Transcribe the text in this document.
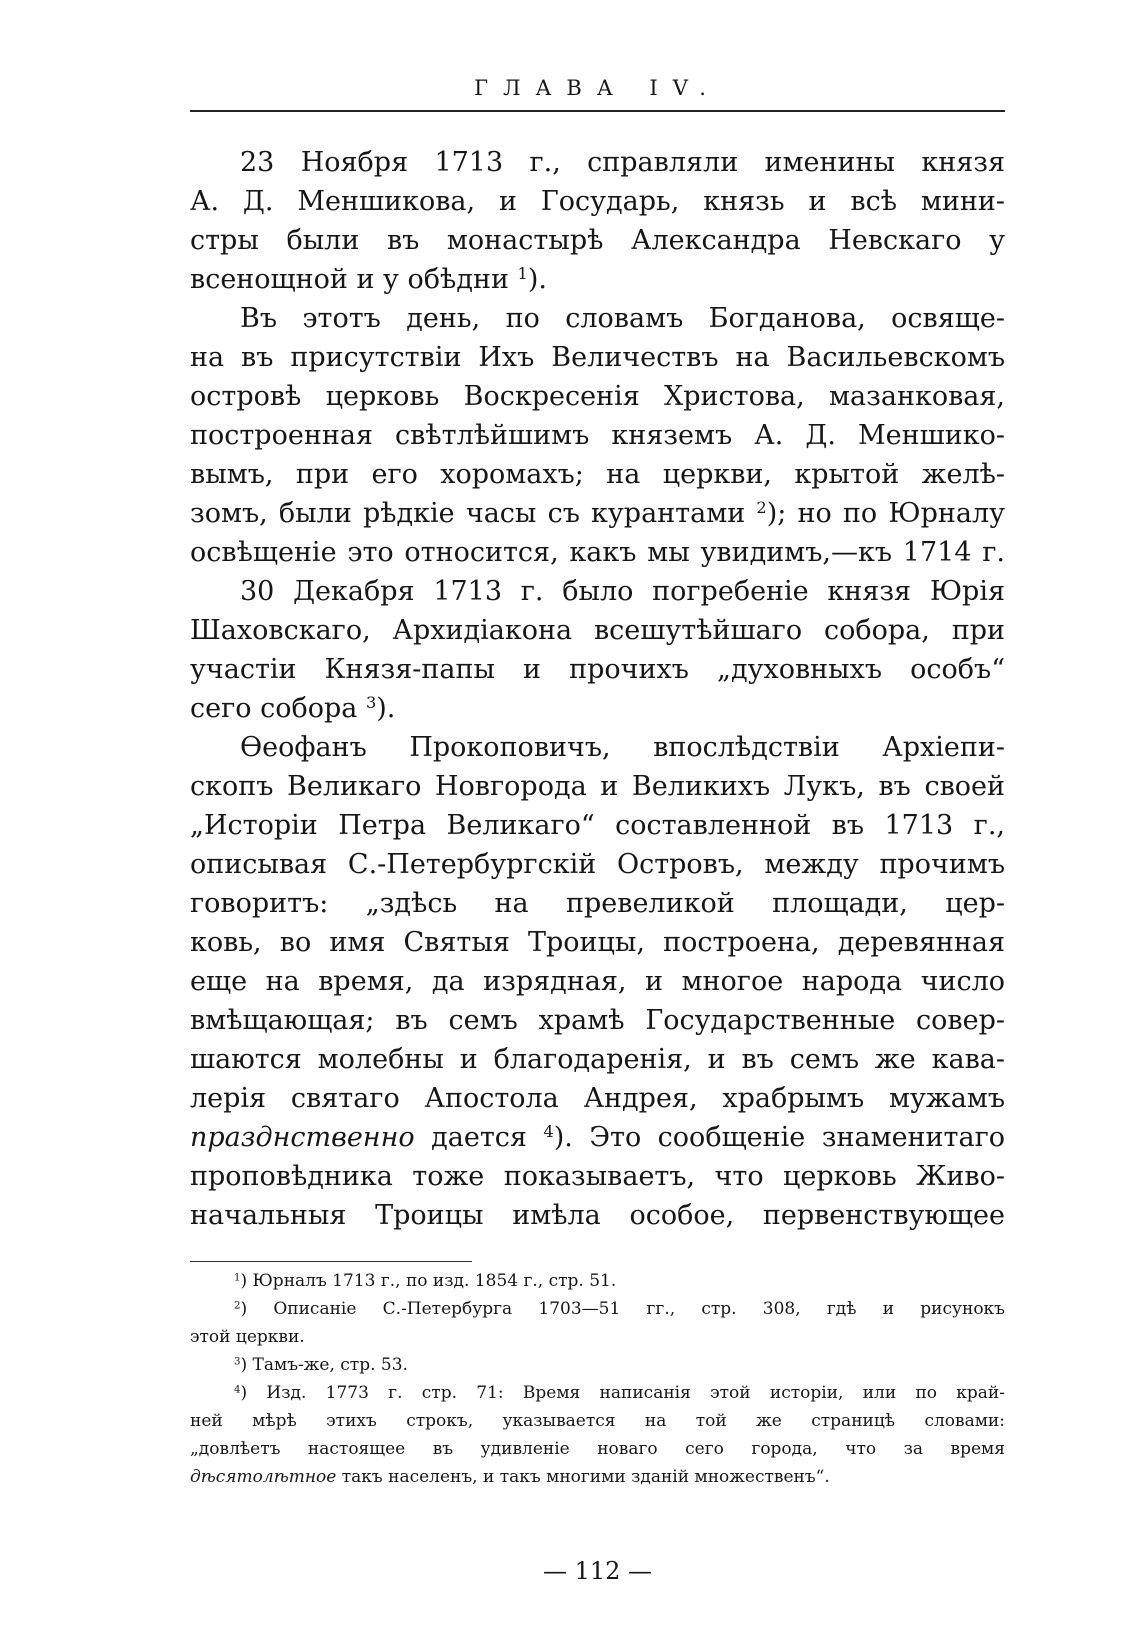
ГЛАВА IV.
23 Ноября 1713 г., справляли именины князя
А. Д. Меншикова, и Государь, князь и всѣ мини-
стры были въ монастырѣ Александра Невскаго у
всенощной и у обѣдни $^1$).
Въ этотъ день, по словамъ Богданова, освяще-
на въ присутствіи Ихъ Величествъ на Васильевскомъ
островѣ церковь Воскресенія Христова, мазанковая,
построенная свѣтлѣйшимъ княземъ А. Д. Меншико-
вымъ, при его хоромахъ; на церкви, крытой желѣ-
зомъ, были рѣдкіе часы съ курантами $^2$); но по Юрналу
освѣщеніе это относится, какъ мы увидимъ,—къ 1714 г.
30 Декабря 1713 г. было погребеніе князя Юрія
Шаховскаго, Архидіакона всешутѣйшаго собора, при
участіи Князя-папы и прочихъ „духовныхъ особъ“
сего собора $^3$).
Ѳеофанъ Прокоповичъ, впослѣдствіи Архіепи-
скопъ Великаго Новгорода и Великихъ Лукъ, въ своей
„Исторіи Петра Великаго“ составленной въ 1713 г.,
описывая С.-Петербургскій Островъ, между прочимъ
говоритъ: „здѣсь на превеликой площади, цер-
ковь, во имя Святыя Троицы, построена, деревянная
еще на время, да изрядная, и многое народа число
вмѣщающая; въ семъ храмѣ Государственные совер-
шаются молебны и благодаренія, и въ семъ же кава-
лерія святаго Апостола Андрея, храбрымъ мужамъ
празднственно дается $^4$). Это сообщеніе знаменитаго
проповѣдника тоже показываетъ, что церковь Живо-
начальныя Троицы имѣла особое, первенствующее
$^1$) Юрналъ 1713 г., по изд. 1854 г., стр. 51.
$^2$) Описаніе С.-Петербурга 1703—51 гг., стр. 308, гдѣ и рисунокъ
этой церкви.
$^3$) Тамъ-же, стр. 53.
$^4$) Изд. 1773 г. стр. 71: Время написанія этой исторіи, или по край-
ней мѣрѣ этихъ строкъ, указывается на той же страницѣ словами:
„довлѣетъ настоящее въ удивленіе новаго сего города, что за время
дѣсятолѣтное такъ населенъ, и такъ многими зданій множественъ“.
— 112 —
